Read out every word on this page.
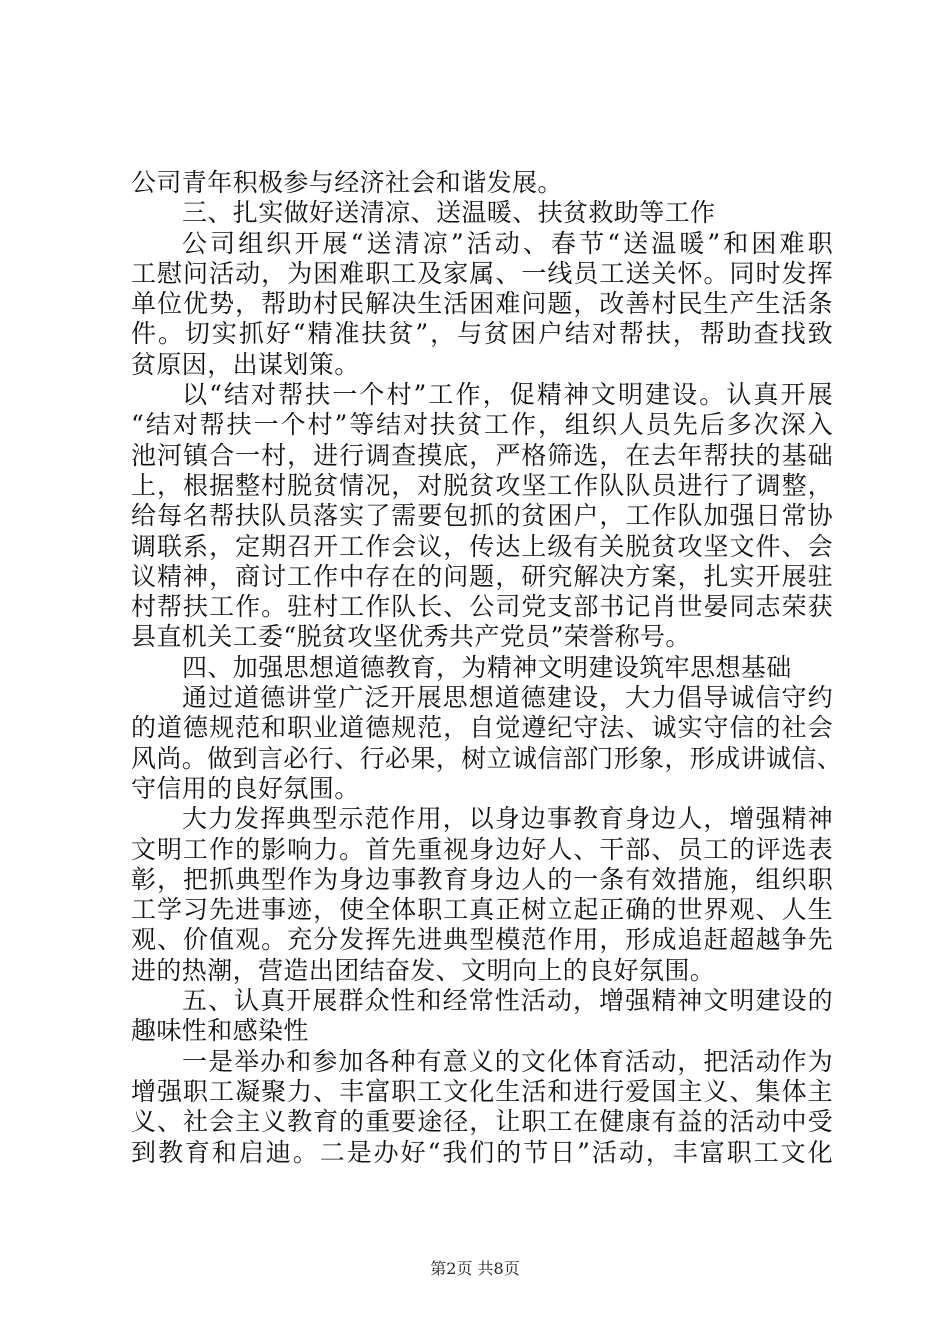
公司青年积极参与经济社会和谐发展。
三、扎实做好送清凉、送温暖、扶贫救助等工作
公司组织开展“送清凉”活动、春节“送温暖”和困难职
工慰问活动，为困难职工及家属、一线员工送关怀。同时发挥
单位优势，帮助村民解决生活困难问题，改善村民生产生活条
件。切实抓好“精准扶贫”，与贫困户结对帮扶，帮助查找致
贫原因，出谋划策。
以“结对帮扶一个村”工作，促精神文明建设。认真开展
“结对帮扶一个村”等结对扶贫工作，组织人员先后多次深入
池河镇合一村，进行调查摸底，严格筛选，在去年帮扶的基础
上，根据整村脱贫情况，对脱贫攻坚工作队队员进行了调整，
给每名帮扶队员落实了需要包抓的贫困户，工作队加强日常协
调联系，定期召开工作会议，传达上级有关脱贫攻坚文件、会
议精神，商讨工作中存在的问题，研究解决方案，扎实开展驻
村帮扶工作。驻村工作队长、公司党支部书记肖世晏同志荣获
县直机关工委“脱贫攻坚优秀共产党员”荣誉称号。
四、加强思想道德教育，为精神文明建设筑牢思想基础
通过道德讲堂广泛开展思想道德建设，大力倡导诚信守约
的道德规范和职业道德规范，自觉遵纪守法、诚实守信的社会
风尚。做到言必行、行必果，树立诚信部门形象，形成讲诚信、
守信用的良好氛围。
大力发挥典型示范作用，以身边事教育身边人，增强精神
文明工作的影响力。首先重视身边好人、干部、员工的评选表
彰，把抓典型作为身边事教育身边人的一条有效措施，组织职
工学习先进事迹，使全体职工真正树立起正确的世界观、人生
观、价值观。充分发挥先进典型模范作用，形成追赶超越争先
进的热潮，营造出团结奋发、文明向上的良好氛围。
五、认真开展群众性和经常性活动，增强精神文明建设的
趣味性和感染性
一是举办和参加各种有意义的文化体育活动，把活动作为
增强职工凝聚力、丰富职工文化生活和进行爱国主义、集体主
义、社会主义教育的重要途径，让职工在健康有益的活动中受
到教育和启迪。二是办好“我们的节日”活动，丰富职工文化
第2页 共8页
